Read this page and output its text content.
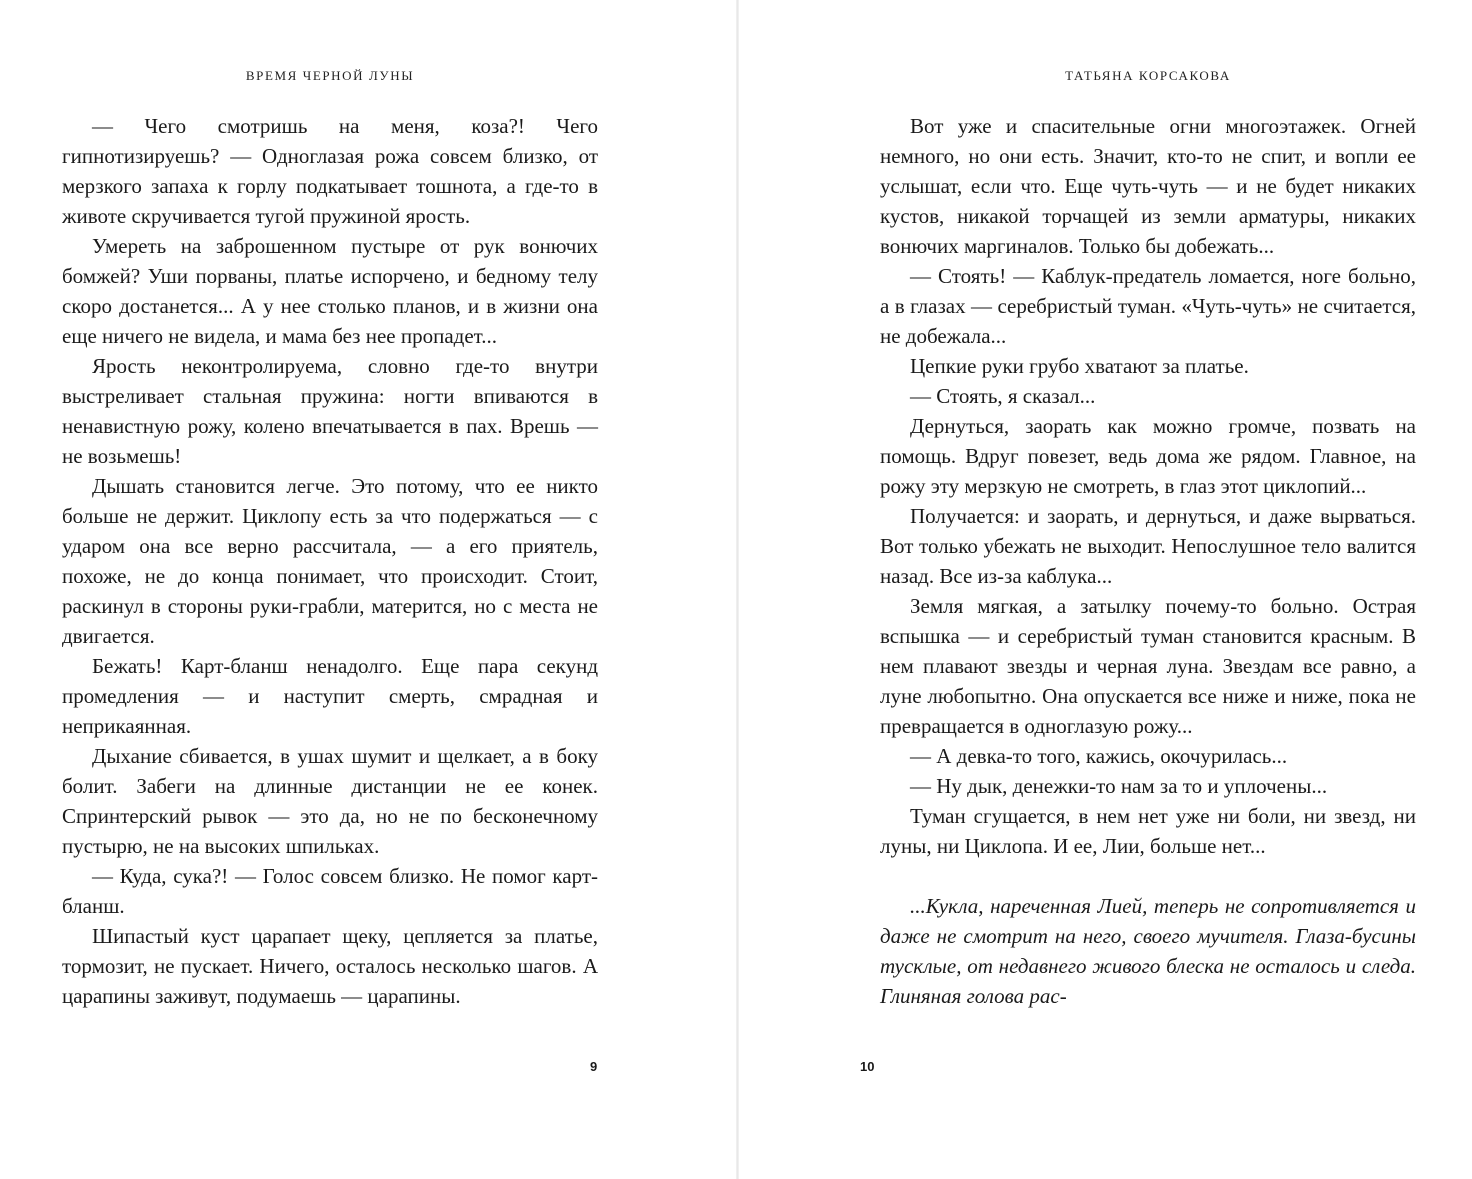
ВРЕМЯ ЧЕРНОЙ ЛУНЫ

— Чего смотришь на меня, коза?! Чего гипнотизируешь? — Одноглазая рожа совсем близко, от мерзкого запаха к горлу подкатывает тошнота, а где-то в животе скручивается тугой пружиной ярость.

Умереть на заброшенном пустыре от рук вонючих бомжей? Уши порваны, платье испорчено, и бедному телу скоро достанется... А у нее столько планов, и в жизни она еще ничего не видела, и мама без нее пропадет...

Ярость неконтролируема, словно где-то внутри выстреливает стальная пружина: ногти впиваются в ненавистную рожу, колено впечатывается в пах. Врешь — не возьмешь!

Дышать становится легче. Это потому, что ее никто больше не держит. Циклопу есть за что подержаться — с ударом она все верно рассчитала, — а его приятель, похоже, не до конца понимает, что происходит. Стоит, раскинул в стороны руки-грабли, матерится, но с места не двигается.

Бежать! Карт-бланш ненадолго. Еще пара секунд промедления — и наступит смерть, смрадная и неприкаянная.

Дыхание сбивается, в ушах шумит и щелкает, а в боку болит. Забеги на длинные дистанции не ее конек. Спринтерский рывок — это да, но не по бесконечному пустырю, не на высоких шпильках.

— Куда, сука?! — Голос совсем близко. Не помог карт-бланш.

Шипастый куст царапает щеку, цепляется за платье, тормозит, не пускает. Ничего, осталось несколько шагов. А царапины заживут, подумаешь — царапины.

9
ТАТЬЯНА КОРСАКОВА

Вот уже и спасительные огни многоэтажек. Огней немного, но они есть. Значит, кто-то не спит, и вопли ее услышат, если что. Еще чуть-чуть — и не будет никаких кустов, никакой торчащей из земли арматуры, никаких вонючих маргиналов. Только бы добежать...

— Стоять! — Каблук-предатель ломается, ноге больно, а в глазах — серебристый туман. «Чуть-чуть» не считается, не добежала...

Цепкие руки грубо хватают за платье.

— Стоять, я сказал...

Дернуться, заорать как можно громче, позвать на помощь. Вдруг повезет, ведь дома же рядом. Главное, на рожу эту мерзкую не смотреть, в глаз этот циклопий...

Получается: и заорать, и дернуться, и даже вырваться. Вот только убежать не выходит. Непослушное тело валится назад. Все из-за каблука...

Земля мягкая, а затылку почему-то больно. Острая вспышка — и серебристый туман становится красным. В нем плавают звезды и черная луна. Звездам все равно, а луне любопытно. Она опускается все ниже и ниже, пока не превращается в одноглазую рожу...

— А девка-то того, кажись, окочурилась...

— Ну дык, денежки-то нам за то и уплочены...

Туман сгущается, в нем нет уже ни боли, ни звезд, ни луны, ни Циклопа. И ее, Лии, больше нет...

...Кукла, нареченная Лией, теперь не сопротивляется и даже не смотрит на него, своего мучителя. Глаза-бусины тусклые, от недавнего живого блеска не осталось и следа. Глиняная голова рас-

10
